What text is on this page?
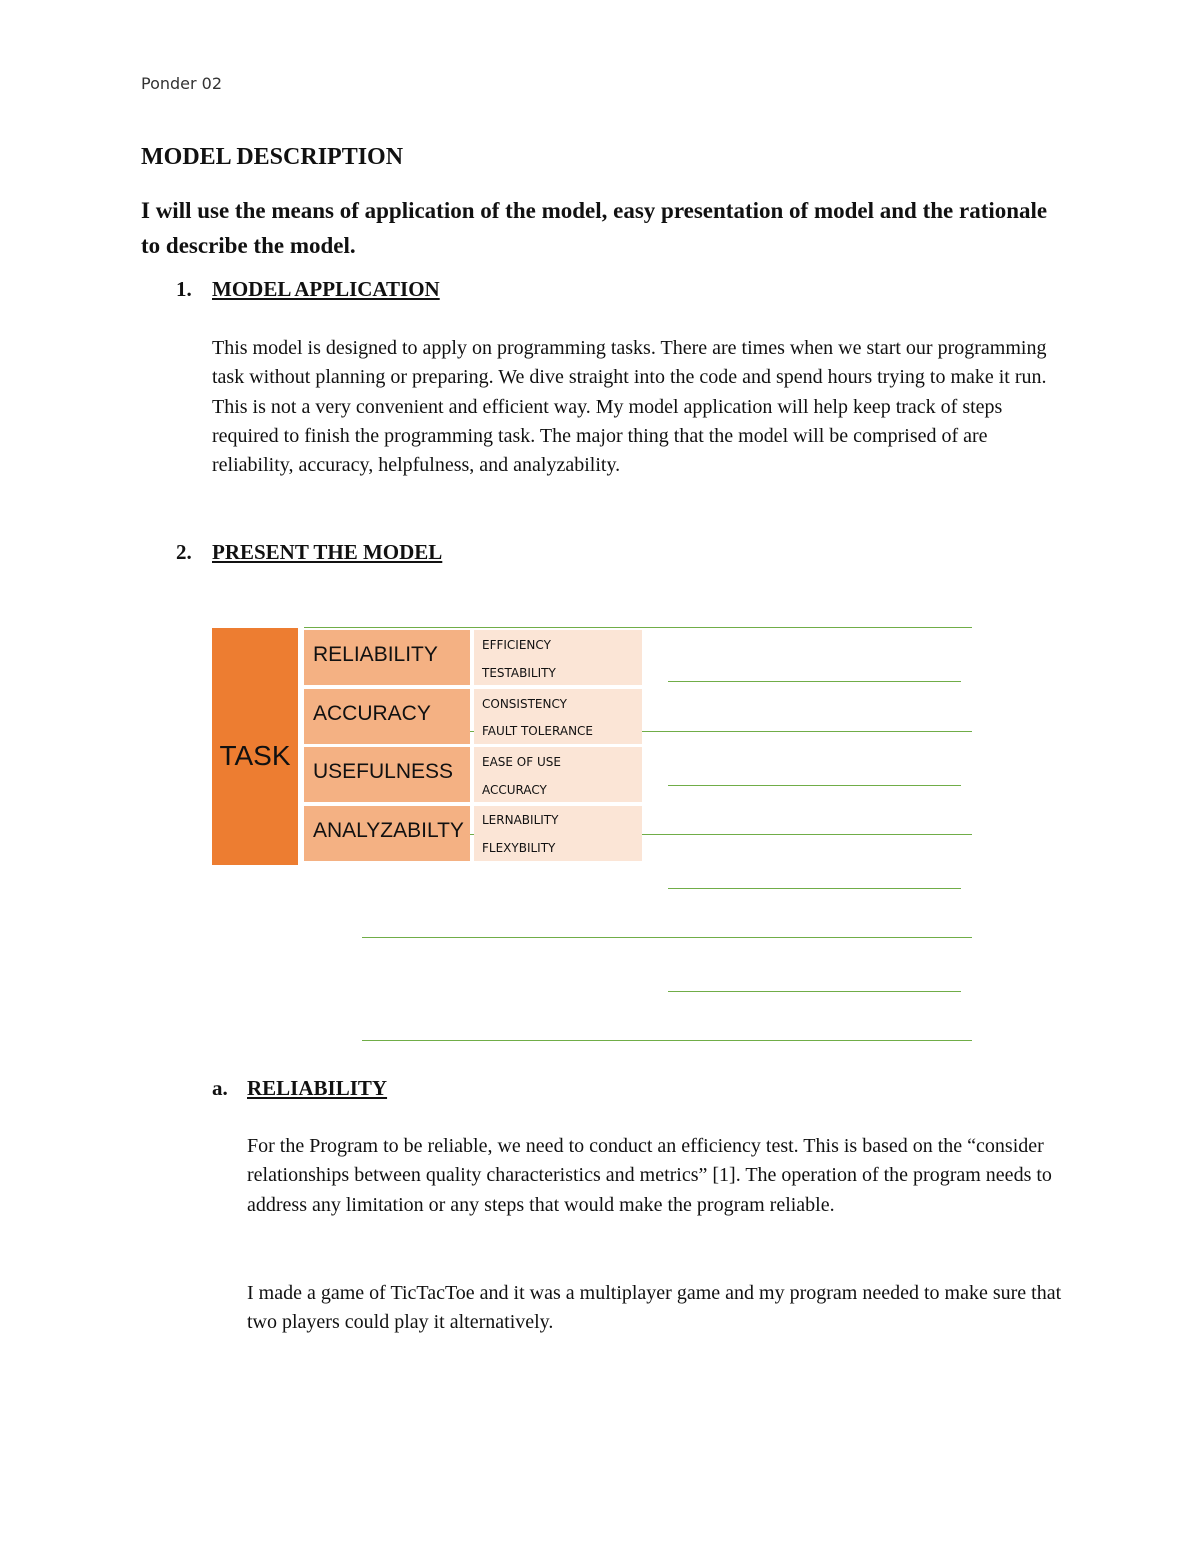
Ponder 02
MODEL DESCRIPTION
I will use the means of application of the model, easy presentation of model and the rationale to describe the model.
1. MODEL APPLICATION
This model is designed to apply on programming tasks. There are times when we start our programming task without planning or preparing. We dive straight into the code and spend hours trying to make it run. This is not a very convenient and efficient way. My model application will help keep track of steps required to finish the programming task. The major thing that the model will be comprised of are reliability, accuracy, helpfulness, and analyzability.
2. PRESENT THE MODEL
TASK
RELIABILITY	EFFICIENCY
TESTABILITY
ACCURACY	CONSISTENCY
FAULT TOLERANCE
USEFULNESS EASE OF USE
ACCURACY
ANALYZABILTY LERNABILITY
FLEXYBILITY
a. RELIABILITY
For the Program to be reliable, we need to conduct an efficiency test. This is based on the “consider relationships between quality characteristics and metrics” [1]. The operation of the program needs to address any limitation or any steps that would make the program reliable.
I made a game of TicTacToe and it was a multiplayer game and my program needed to make sure that two players could play it alternatively.
